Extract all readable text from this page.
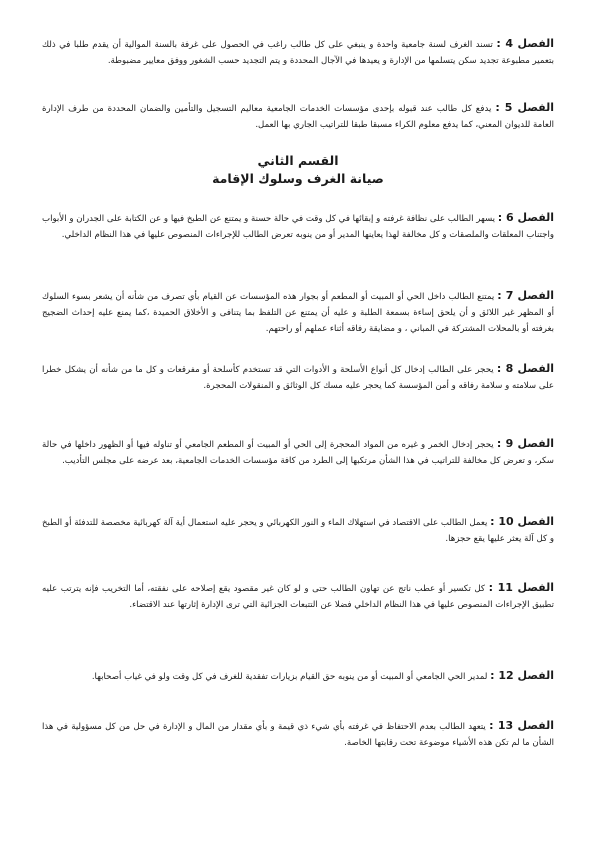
الفصل 4 : تسند الغرف لسنة جامعية واحدة و ينبغي على كل طالب راغب في الحصول على غرفة بالسنة الموالية أن يقدم طلبا في ذلك بتعمير مطبوعة تجديد سكن يتسلمها من الإدارة و يعيدها في الآجال المحددة و يتم التجديد حسب الشغور ووفق معايير مضبوطة.

الفصل 5 : يدفع كل طالب عند قبوله بإحدى مؤسسات الخدمات الجامعية معاليم التسجيل والتأمين والضمان المحددة من طرف الإدارة العامة للديوان المعني، كما يدفع معلوم الكراء مسبقا طبقا للتراتيب الجاري بها العمل.

القسم الثاني
صيانة الغرف وسلوك الإقامة

الفصل 6 : يسهر الطالب على نظافة غرفته و إبقائها في كل وقت في حالة حسنة و يمتنع عن الطبخ فيها و عن الكتابة على الجدران و الأبواب واجتناب المعلقات والملصقات و كل مخالفة لهذا يعاينها المدير أو من ينوبه تعرض الطالب للإجراءات المنصوص عليها في هذا النظام الداخلي.

الفصل 7 : يمتنع الطالب داخل الحي أو المبيت أو المطعم أو بجوار هذه المؤسسات عن القيام بأي تصرف من شأنه أن يشعر بسوء السلوك أو المظهر غير اللائق و أن يلحق إساءة بسمعة الطلبة و عليه أن يمتنع عن التلفظ بما يتنافى و الأخلاق الحميدة ،كما يمنع عليه إحداث الضجيج بغرفته أو بالمحلات المشتركة في المباني ، و مضايقة رفاقه أثناء عملهم أو راحتهم.

الفصل 8 : يحجر على الطالب إدخال كل أنواع الأسلحة و الأدوات التي قد تستخدم كأسلحة أو مفرقعات و كل ما من شأنه أن يشكل خطرا على سلامته و سلامة رفاقه و أمن المؤسسة كما يحجر عليه مسك كل الوثائق و المنقولات المحجرة.

الفصل 9 : يحجر إدخال الخمر و غيره من المواد المحجرة إلى الحي أو المبيت أو المطعم الجامعي أو تناوله فيها أو الظهور داخلها في حالة سكر، و تعرض كل مخالفة للتراتيب في هذا الشأن مرتكبها إلى الطرد من كافة مؤسسات الخدمات الجامعية، بعد عرضه على مجلس التأديب.

الفصل 10 : يعمل الطالب على الاقتصاد في استهلاك الماء و النور الكهربائي و يحجر عليه استعمال أية آلة كهربائية مخصصة للتدفئة أو الطبخ و كل آلة يعثر عليها يقع حجزها.

الفصل 11 : كل تكسير أو عطب ناتج عن تهاون الطالب حتى و لو كان غير مقصود يقع إصلاحه على نفقته، أما التخريب فإنه يترتب عليه تطبيق الإجراءات المنصوص عليها في هذا النظام الداخلي فضلا عن التتبعات الجزائية التي ترى الإدارة إثارتها عند الاقتضاء.

الفصل 12 : لمدير الحي الجامعي أو المبيت أو من ينوبه حق القيام بزيارات تفقدية للغرف في كل وقت ولو في غياب أصحابها.

الفصل 13 : يتعهد الطالب بعدم الاحتفاظ في غرفته بأي شيء ذي قيمة و بأي مقدار من المال و الإدارة في حل من كل مسؤولية في هذا الشأن ما لم تكن هذه الأشياء موضوعة تحت رقابتها الخاصة.
